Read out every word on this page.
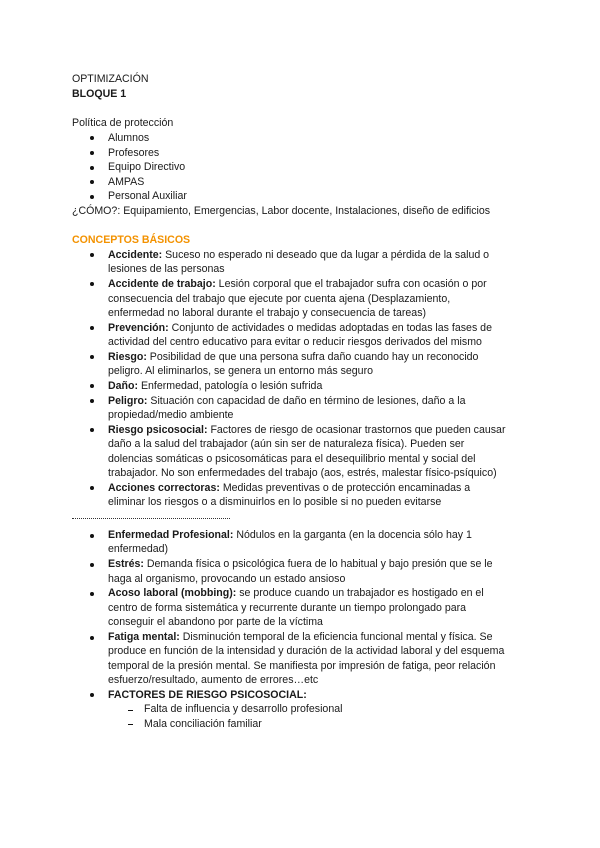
OPTIMIZACIÓN
BLOQUE 1
Política de protección
Alumnos
Profesores
Equipo Directivo
AMPAS
Personal Auxiliar
¿CÓMO?: Equipamiento, Emergencias, Labor docente, Instalaciones, diseño de edificios
CONCEPTOS BÁSICOS
Accidente: Suceso no esperado ni deseado que da lugar a pérdida de la salud o
lesiones de las personas
Accidente de trabajo: Lesión corporal que el trabajador sufra con ocasión o por
consecuencia del trabajo que ejecute por cuenta ajena (Desplazamiento,
enfermedad no laboral durante el trabajo y consecuencia de tareas)
Prevención: Conjunto de actividades o medidas adoptadas en todas las fases de
actividad del centro educativo para evitar o reducir riesgos derivados del mismo
Riesgo: Posibilidad de que una persona sufra daño cuando hay un reconocido
peligro. Al eliminarlos, se genera un entorno más seguro
Daño: Enfermedad, patología o lesión sufrida
Peligro: Situación con capacidad de daño en término de lesiones, daño a la
propiedad/medio ambiente
Riesgo psicosocial: Factores de riesgo de ocasionar trastornos que pueden causar
daño a la salud del trabajador (aún sin ser de naturaleza física). Pueden ser
dolencias somáticas o psicosomáticas para el desequilibrio mental y social del
trabajador. No son enfermedades del trabajo (aos, estrés, malestar físico-psíquico)
Acciones correctoras: Medidas preventivas o de protección encaminadas a
eliminar los riesgos o a disminuirlos en lo posible si no pueden evitarse
Enfermedad Profesional: Nódulos en la garganta (en la docencia sólo hay 1
enfermedad)
Estrés: Demanda física o psicológica fuera de lo habitual y bajo presión que se le
haga al organismo, provocando un estado ansioso
Acoso laboral (mobbing): se produce cuando un trabajador es hostigado en el
centro de forma sistemática y recurrente durante un tiempo prolongado para
conseguir el abandono por parte de la víctima
Fatiga mental: Disminución temporal de la eficiencia funcional mental y física. Se
produce en función de la intensidad y duración de la actividad laboral y del esquema
temporal de la presión mental. Se manifiesta por impresión de fatiga, peor relación
esfuerzo/resultado, aumento de errores…etc
FACTORES DE RIESGO PSICOSOCIAL:
Falta de influencia y desarrollo profesional
Mala conciliación familiar
